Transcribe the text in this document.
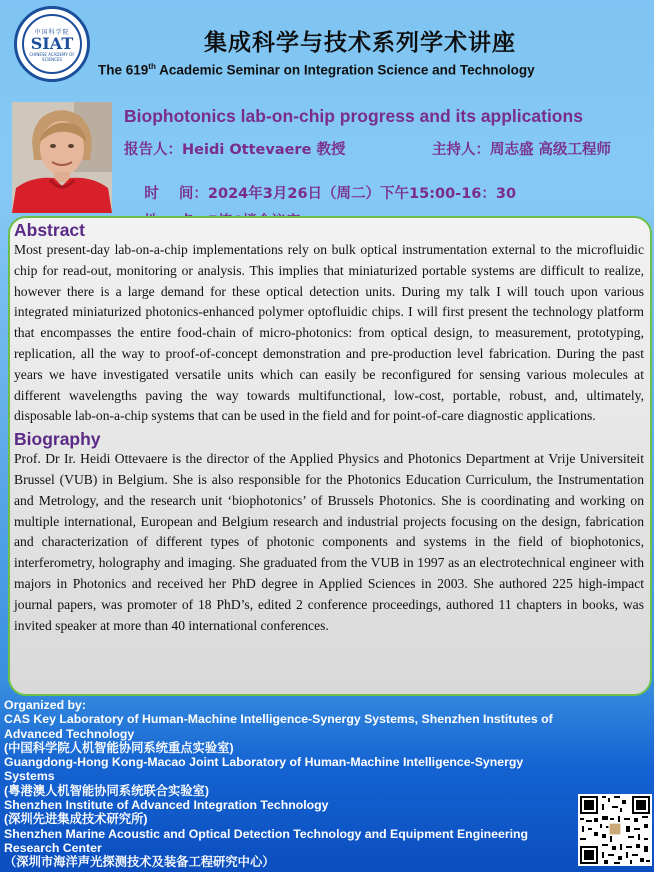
中国科学院
SIAT
CHINESE ACADEMY OF SCIENCES
集成科学与技术系列学术讲座
The 619th Academic Seminar on Integration Science and Technology
Biophotonics lab-on-chip progress and its applications
报告人：Heidi Ottevaere 教授	主持人：周志盛 高级工程师

时    间：2024年3月26日（周二）下午15:00-16：30

Abstract

Most present-day lab-on-a-chip implementations rely on bulk optical instrumentation external to the microfluidic chip for read-out, monitoring or analysis. This implies that miniaturized portable systems are difficult to realize, however there is a large demand for these optical detection units. During my talk I will touch upon various integrated miniaturized photonics-enhanced polymer optofluidic chips. I will first present the technology platform that encompasses the entire food-chain of micro-photonics: from optical design, to measurement, prototyping, replication, all the way to proof-of-concept demonstration and pre-production level fabrication. During the past years we have investigated versatile units which can easily be reconfigured for sensing various molecules at different wavelengths paving the way towards multifunctional, low-cost, portable, robust, and, ultimately, disposable lab-on-a-chip systems that can be used in the field and for point-of-care diagnostic applications.

Biography

Prof. Dr Ir. Heidi Ottevaere is the director of the Applied Physics and Photonics Department at Vrije Universiteit Brussel (VUB) in Belgium. She is also responsible for the Photonics Education Curriculum, the Instrumentation and Metrology, and the research unit ‘biophotonics’ of Brussels Photonics. She is coordinating and working on multiple international, European and Belgium research and industrial projects focusing on the design, fabrication and characterization of different types of photonic components and systems in the field of biophotonics, interferometry, holography and imaging. She graduated from the VUB in 1997 as an electrotechnical engineer with majors in Photonics and received her PhD degree in Applied Sciences in 2003. She authored 225 high-impact journal papers, was promoter of 18 PhD’s, edited 2 conference proceedings, authored 11 chapters in books, was invited speaker at more than 40 international conferences.

Organized by:
CAS Key Laboratory of Human-Machine Intelligence-Synergy Systems, Shenzhen Institutes of Advanced Technology
(中国科学院人机智能协同系统重点实验室)
Guangdong-Hong Kong-Macao Joint Laboratory of Human-Machine Intelligence-Synergy Systems
(粤港澳人机智能协同系统联合实验室)
Shenzhen Institute of Advanced Integration Technology
(深圳先进集成技术研究所)
Shenzhen Marine Acoustic and Optical Detection Technology and Equipment Engineering Research Center
（深圳市海洋声光探测技术及装备工程研究中心）
